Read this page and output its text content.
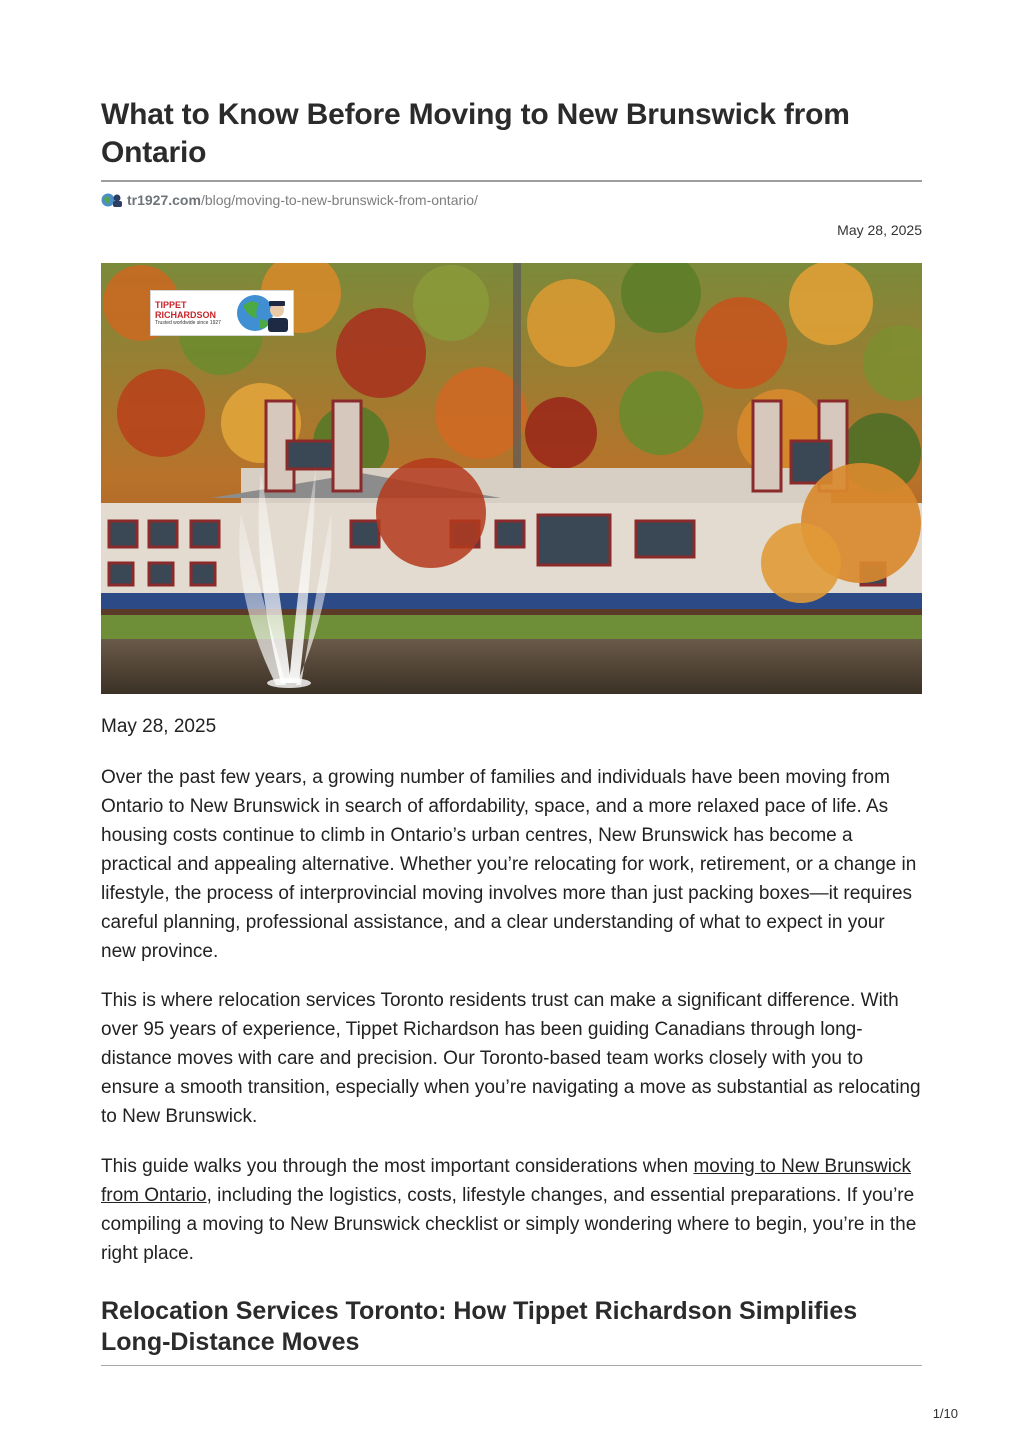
What to Know Before Moving to New Brunswick from Ontario
tr1927.com /blog/moving-to-new-brunswick-from-ontario/
May 28, 2025
TIPPET
RICHARDSON
Trusted worldwide since 1927
May 28, 2025

Over the past few years, a growing number of families and individuals have been moving from Ontario to New Brunswick in search of affordability, space, and a more relaxed pace of life. As housing costs continue to climb in Ontario’s urban centres, New Brunswick has become a practical and appealing alternative. Whether you’re relocating for work, retirement, or a change in lifestyle, the process of interprovincial moving involves more than just packing boxes—it requires careful planning, professional assistance, and a clear understanding of what to expect in your new province.

This is where relocation services Toronto residents trust can make a significant difference. With over 95 years of experience, Tippet Richardson has been guiding Canadians through long-distance moves with care and precision. Our Toronto-based team works closely with you to ensure a smooth transition, especially when you’re navigating a move as substantial as relocating to New Brunswick.

This guide walks you through the most important considerations when moving to New Brunswick from Ontario, including the logistics, costs, lifestyle changes, and essential preparations. If you’re compiling a moving to New Brunswick checklist or simply wondering where to begin, you’re in the right place.

Relocation Services Toronto: How Tippet Richardson Simplifies Long-Distance Moves
1/10
